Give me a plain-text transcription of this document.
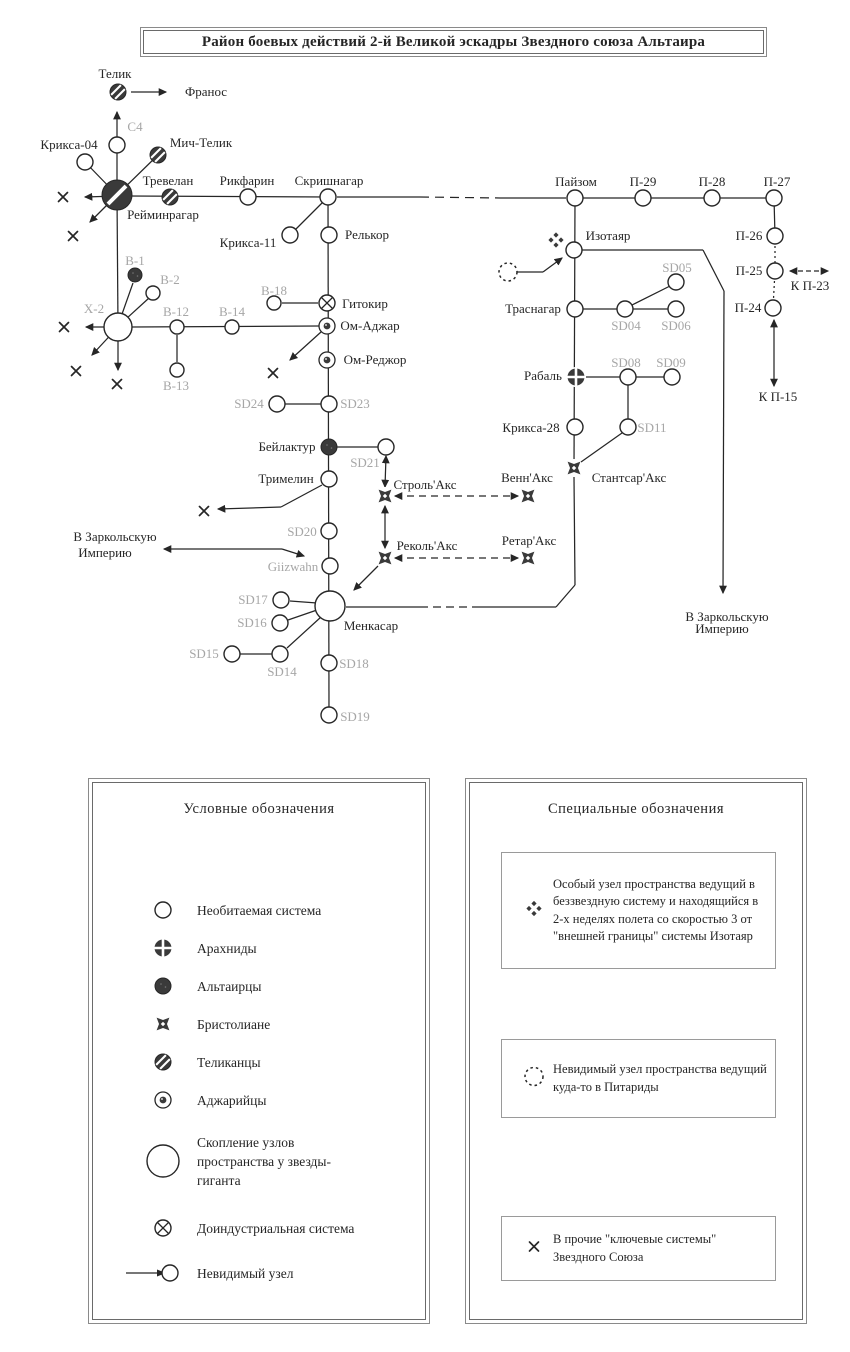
Район боевых действий 2-й Великой эскадры Звездного союза Альтаира
Телик
Франос
Крикса-04	Мич-Телик
Тревелан Рикфарин Скришнагар
Рейминрагар
Крикса-11
Релькор
Гитокир
Ом-Аджар
Ом-Реджор
Бейлактур
Тримелин	Строль'Акс	Венн'Акс
Реколь'Акс	Ретар'Акс
Стантсар'Акс
Менкасар
Пайзом	П-29	П-28	П-27
П-26
П-25
П-24
К П-23
К П-15
Изотаяр
Траснагар
Рабаль
Крикса-28
В Заркольскую
Империю
В Заркольскую
Империю
С4
В-1
В-2
Х-2	В-12 В-14
В-13
В-18
SD24	SD23
SD21
SD20
Giizwahn
SD17
SD16
SD15
SD14
SD18
SD19
SD04
SD05
SD06
SD08 SD09
SD11
Условные обозначения
Необитаемая система
Арахниды
Альтаирцы
Бристолиане
Теликанцы
Аджарийцы
Скопление узлов пространства у звезды-гиганта
Доиндустриальная система
Невидимый узел
Специальные обозначения
Особый узел пространства ведущий в беззвездную систему и находящийся в 2-х неделях полета со скоростью 3 от "внешней границы" системы Изотаяр
Невидимый узел пространства ведущий куда-то в Питариды
В прочие "ключевые системы" Звездного Союза
